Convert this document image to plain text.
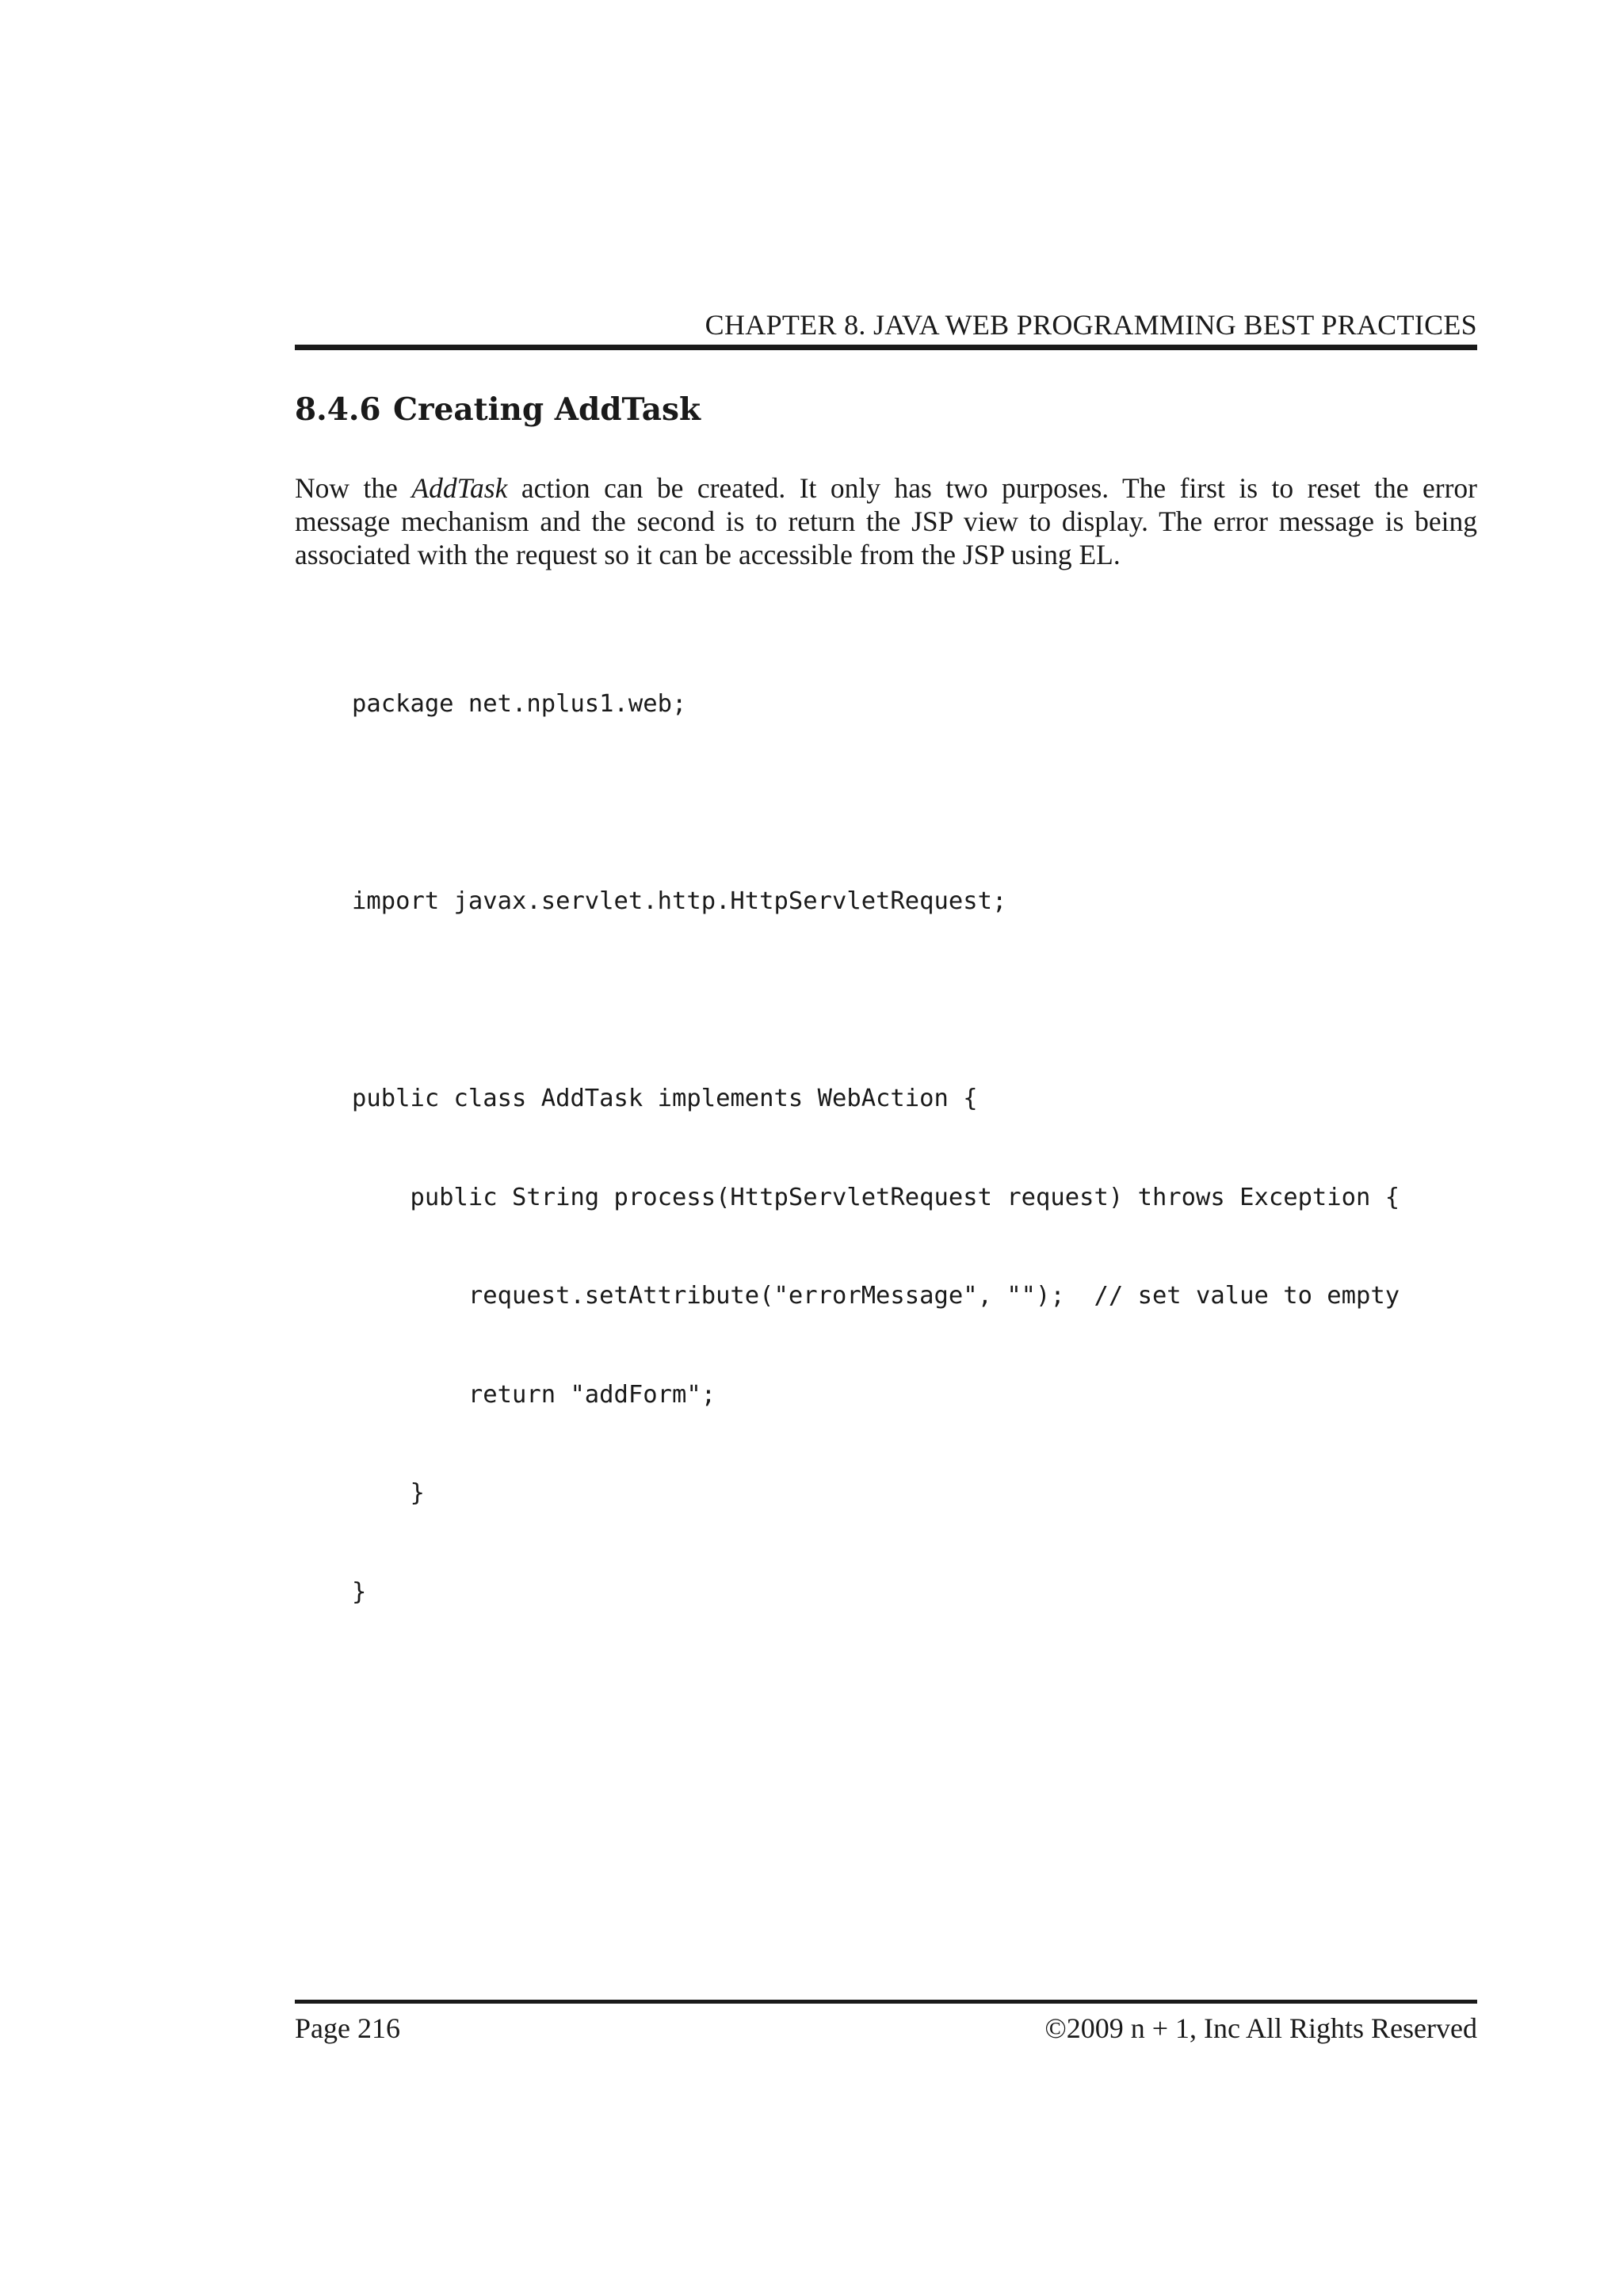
CHAPTER 8. JAVA WEB PROGRAMMING BEST PRACTICES
8.4.6 Creating AddTask
Now the AddTask action can be created. It only has two purposes. The first is to reset the error
message mechanism and the second is to return the JSP view to display. The error message is being
associated with the request so it can be accessible from the JSP using EL.

package net.nplus1.web;

import javax.servlet.http.HttpServletRequest;

public class AddTask implements WebAction {

public String process(HttpServletRequest request) throws Exception {

request.setAttribute("errorMessage", "");  // set value to empty

return "addForm";

}

}

Page 216	©2009 n + 1, Inc All Rights Reserved
